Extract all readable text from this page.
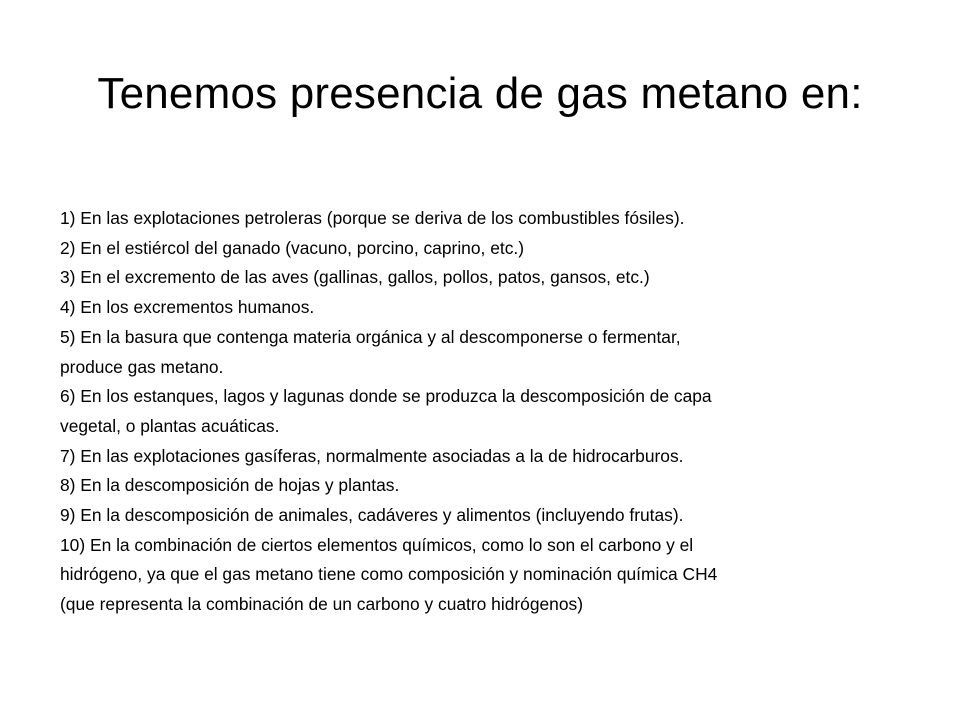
Tenemos presencia de gas metano en:
1) En las explotaciones petroleras (porque se deriva de los combustibles fósiles).
2) En el estiércol del ganado (vacuno, porcino, caprino, etc.)
3) En el excremento de las aves (gallinas, gallos, pollos, patos, gansos, etc.)
4) En los excrementos humanos.
5) En la basura que contenga materia orgánica y al descomponerse o fermentar,
produce gas metano.
6) En los estanques, lagos y lagunas donde se produzca la descomposición de capa
vegetal, o plantas acuáticas.
7) En las explotaciones gasíferas, normalmente asociadas a la de hidrocarburos.
8) En la descomposición de hojas y plantas.
9) En la descomposición de animales, cadáveres y alimentos (incluyendo frutas).
10) En la combinación de ciertos elementos químicos, como lo son el carbono y el
hidrógeno, ya que el gas metano tiene como composición y nominación química CH4
(que representa la combinación de un carbono y cuatro hidrógenos)
